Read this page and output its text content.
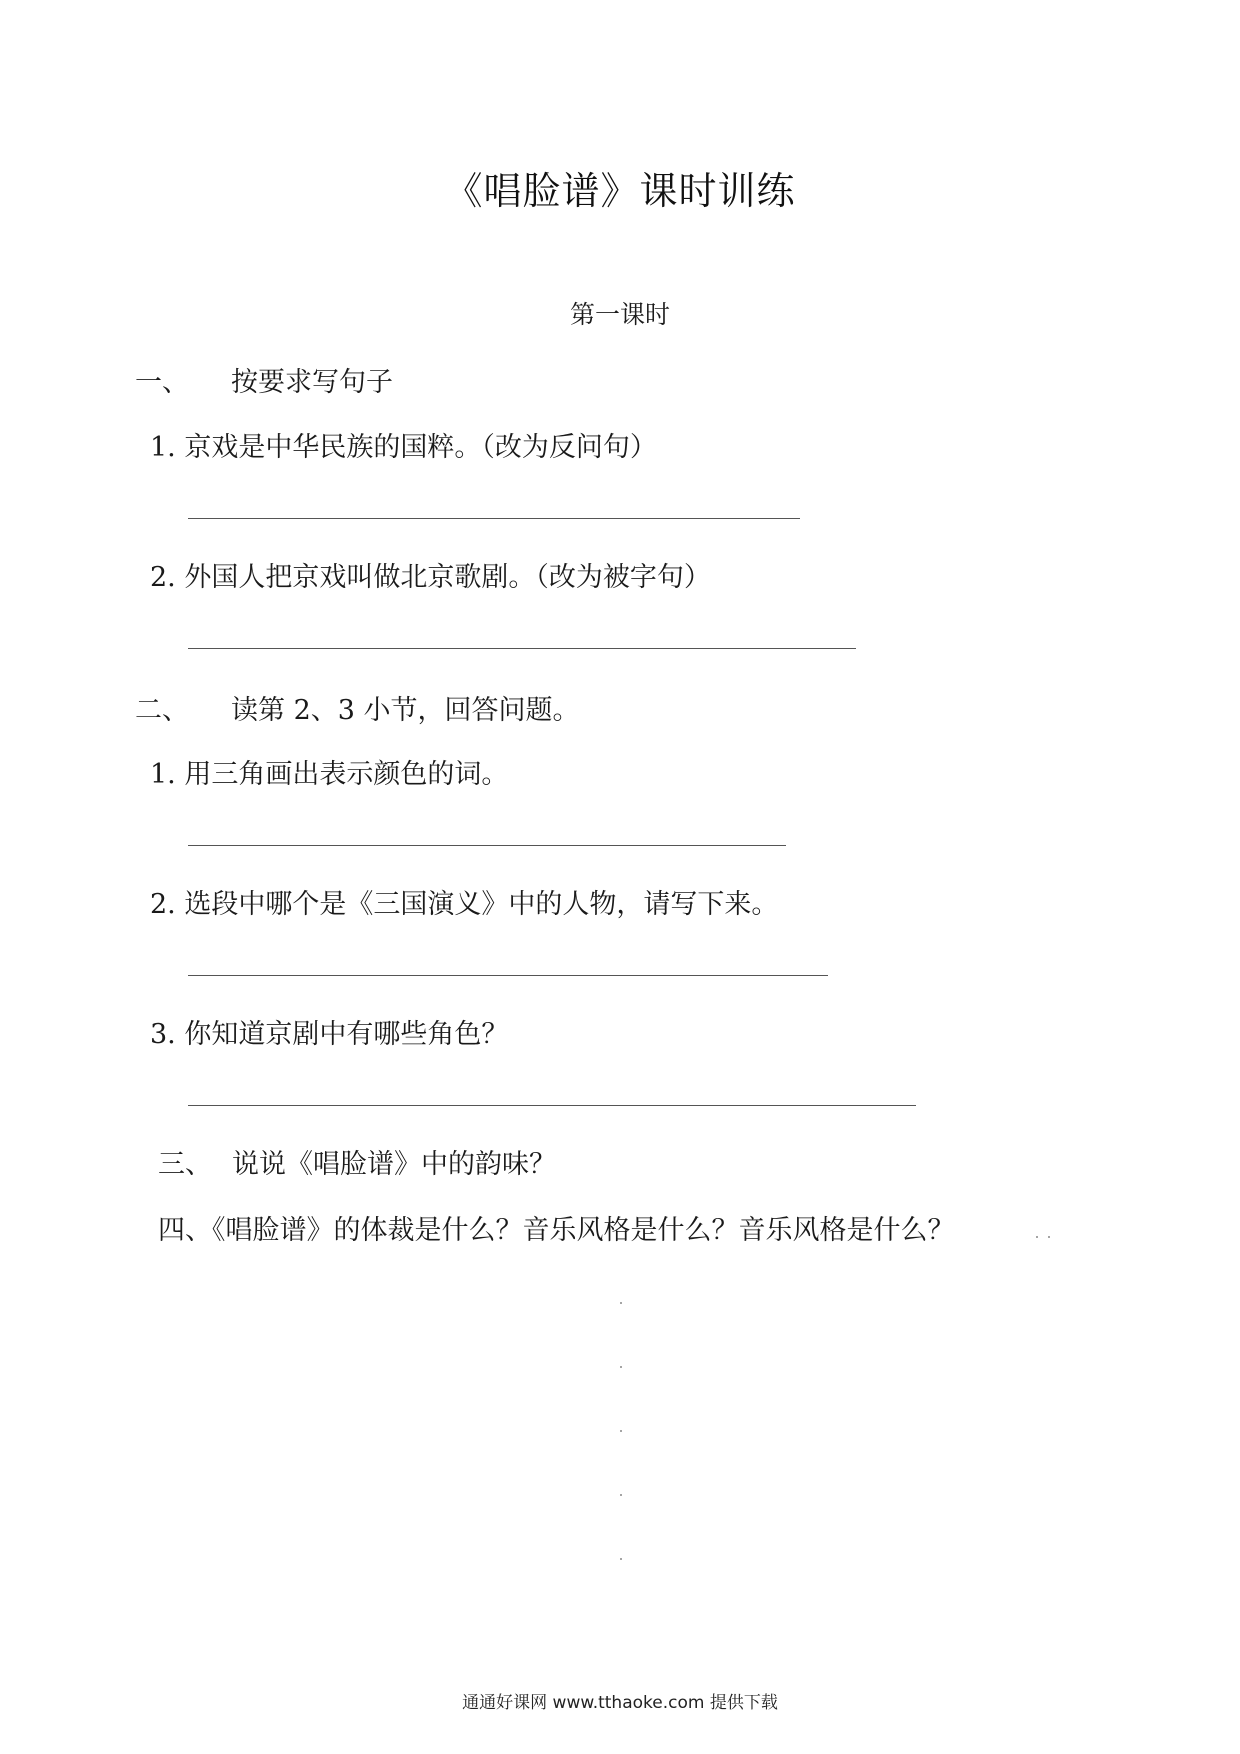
《唱脸谱》课时训练
第一课时
一、 按要求写句子
1. 京戏是中华民族的国粹。（改为反问句）
2. 外国人把京戏叫做北京歌剧。（改为被字句）
二、 读第 2、3 小节，回答问题。
1. 用三角画出表示颜色的词。
2. 选段中哪个是《三国演义》中的人物，请写下来。
3. 你知道京剧中有哪些角色？
三、 说说《唱脸谱》中的韵味？
四、《唱脸谱》的体裁是什么？音乐风格是什么？音乐风格是什么？
通通好课网 www.tthaoke.com 提供下载
